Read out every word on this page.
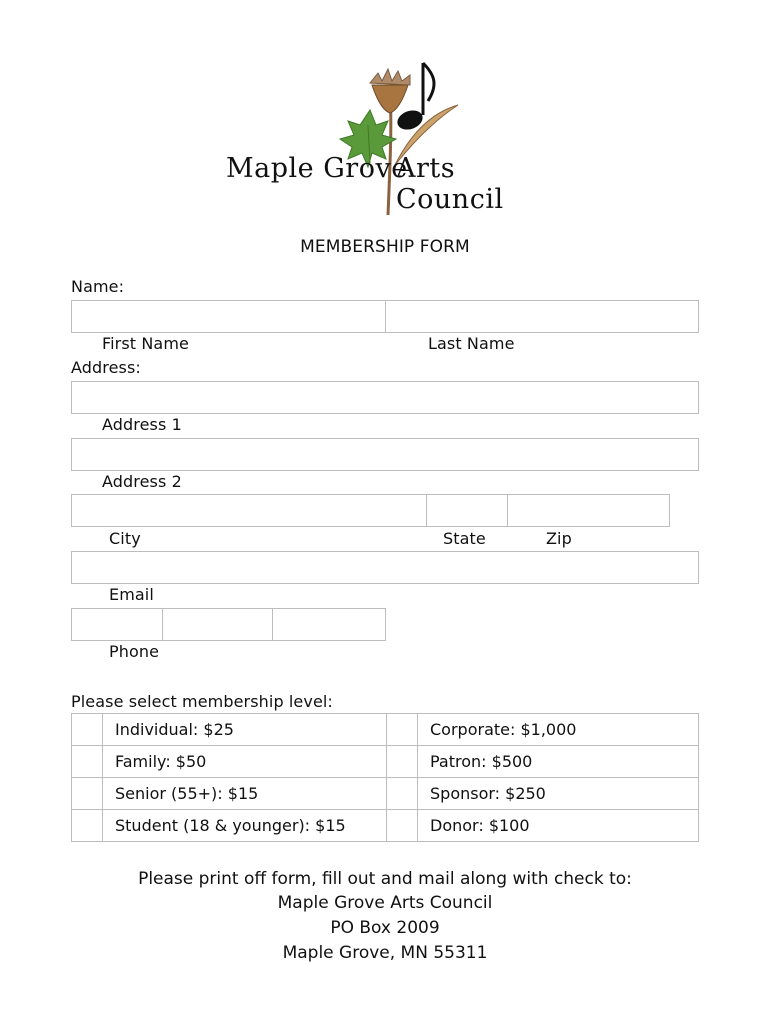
Maple Grove
Arts Council
MEMBERSHIP FORM
Name:
First Name	Last Name
Address:
Address 1
Address 2
City	State	Zip
Email
Phone
Please select membership level:
	Individual: $25		Corporate: $1,000
	Family: $50		Patron: $500
	Senior (55+): $15		Sponsor: $250
	Student (18 & younger): $15		Donor: $100
Please print off form, fill out and mail along with check to:
Maple Grove Arts Council
PO Box 2009
Maple Grove, MN 55311
